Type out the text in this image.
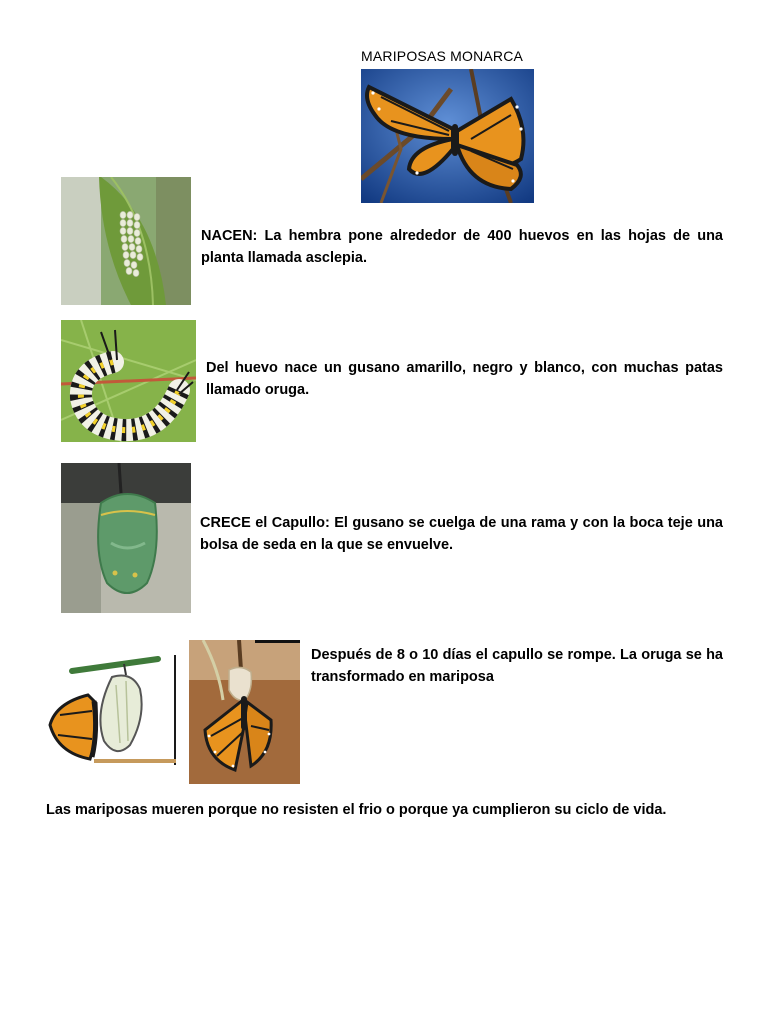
MARIPOSAS MONARCA
NACEN: La hembra pone alrededor de 400 huevos en las hojas de una planta llamada asclepia.
Del huevo nace un gusano amarillo, negro y blanco, con muchas patas llamado oruga.
CRECE el Capullo: El gusano se cuelga de una rama y con la boca teje una bolsa de seda en la que se envuelve.
Después de 8 o 10 días el capullo se rompe. La oruga se ha transformado en mariposa
Las mariposas mueren porque no resisten el frio o porque ya cumplieron su ciclo de vida.
